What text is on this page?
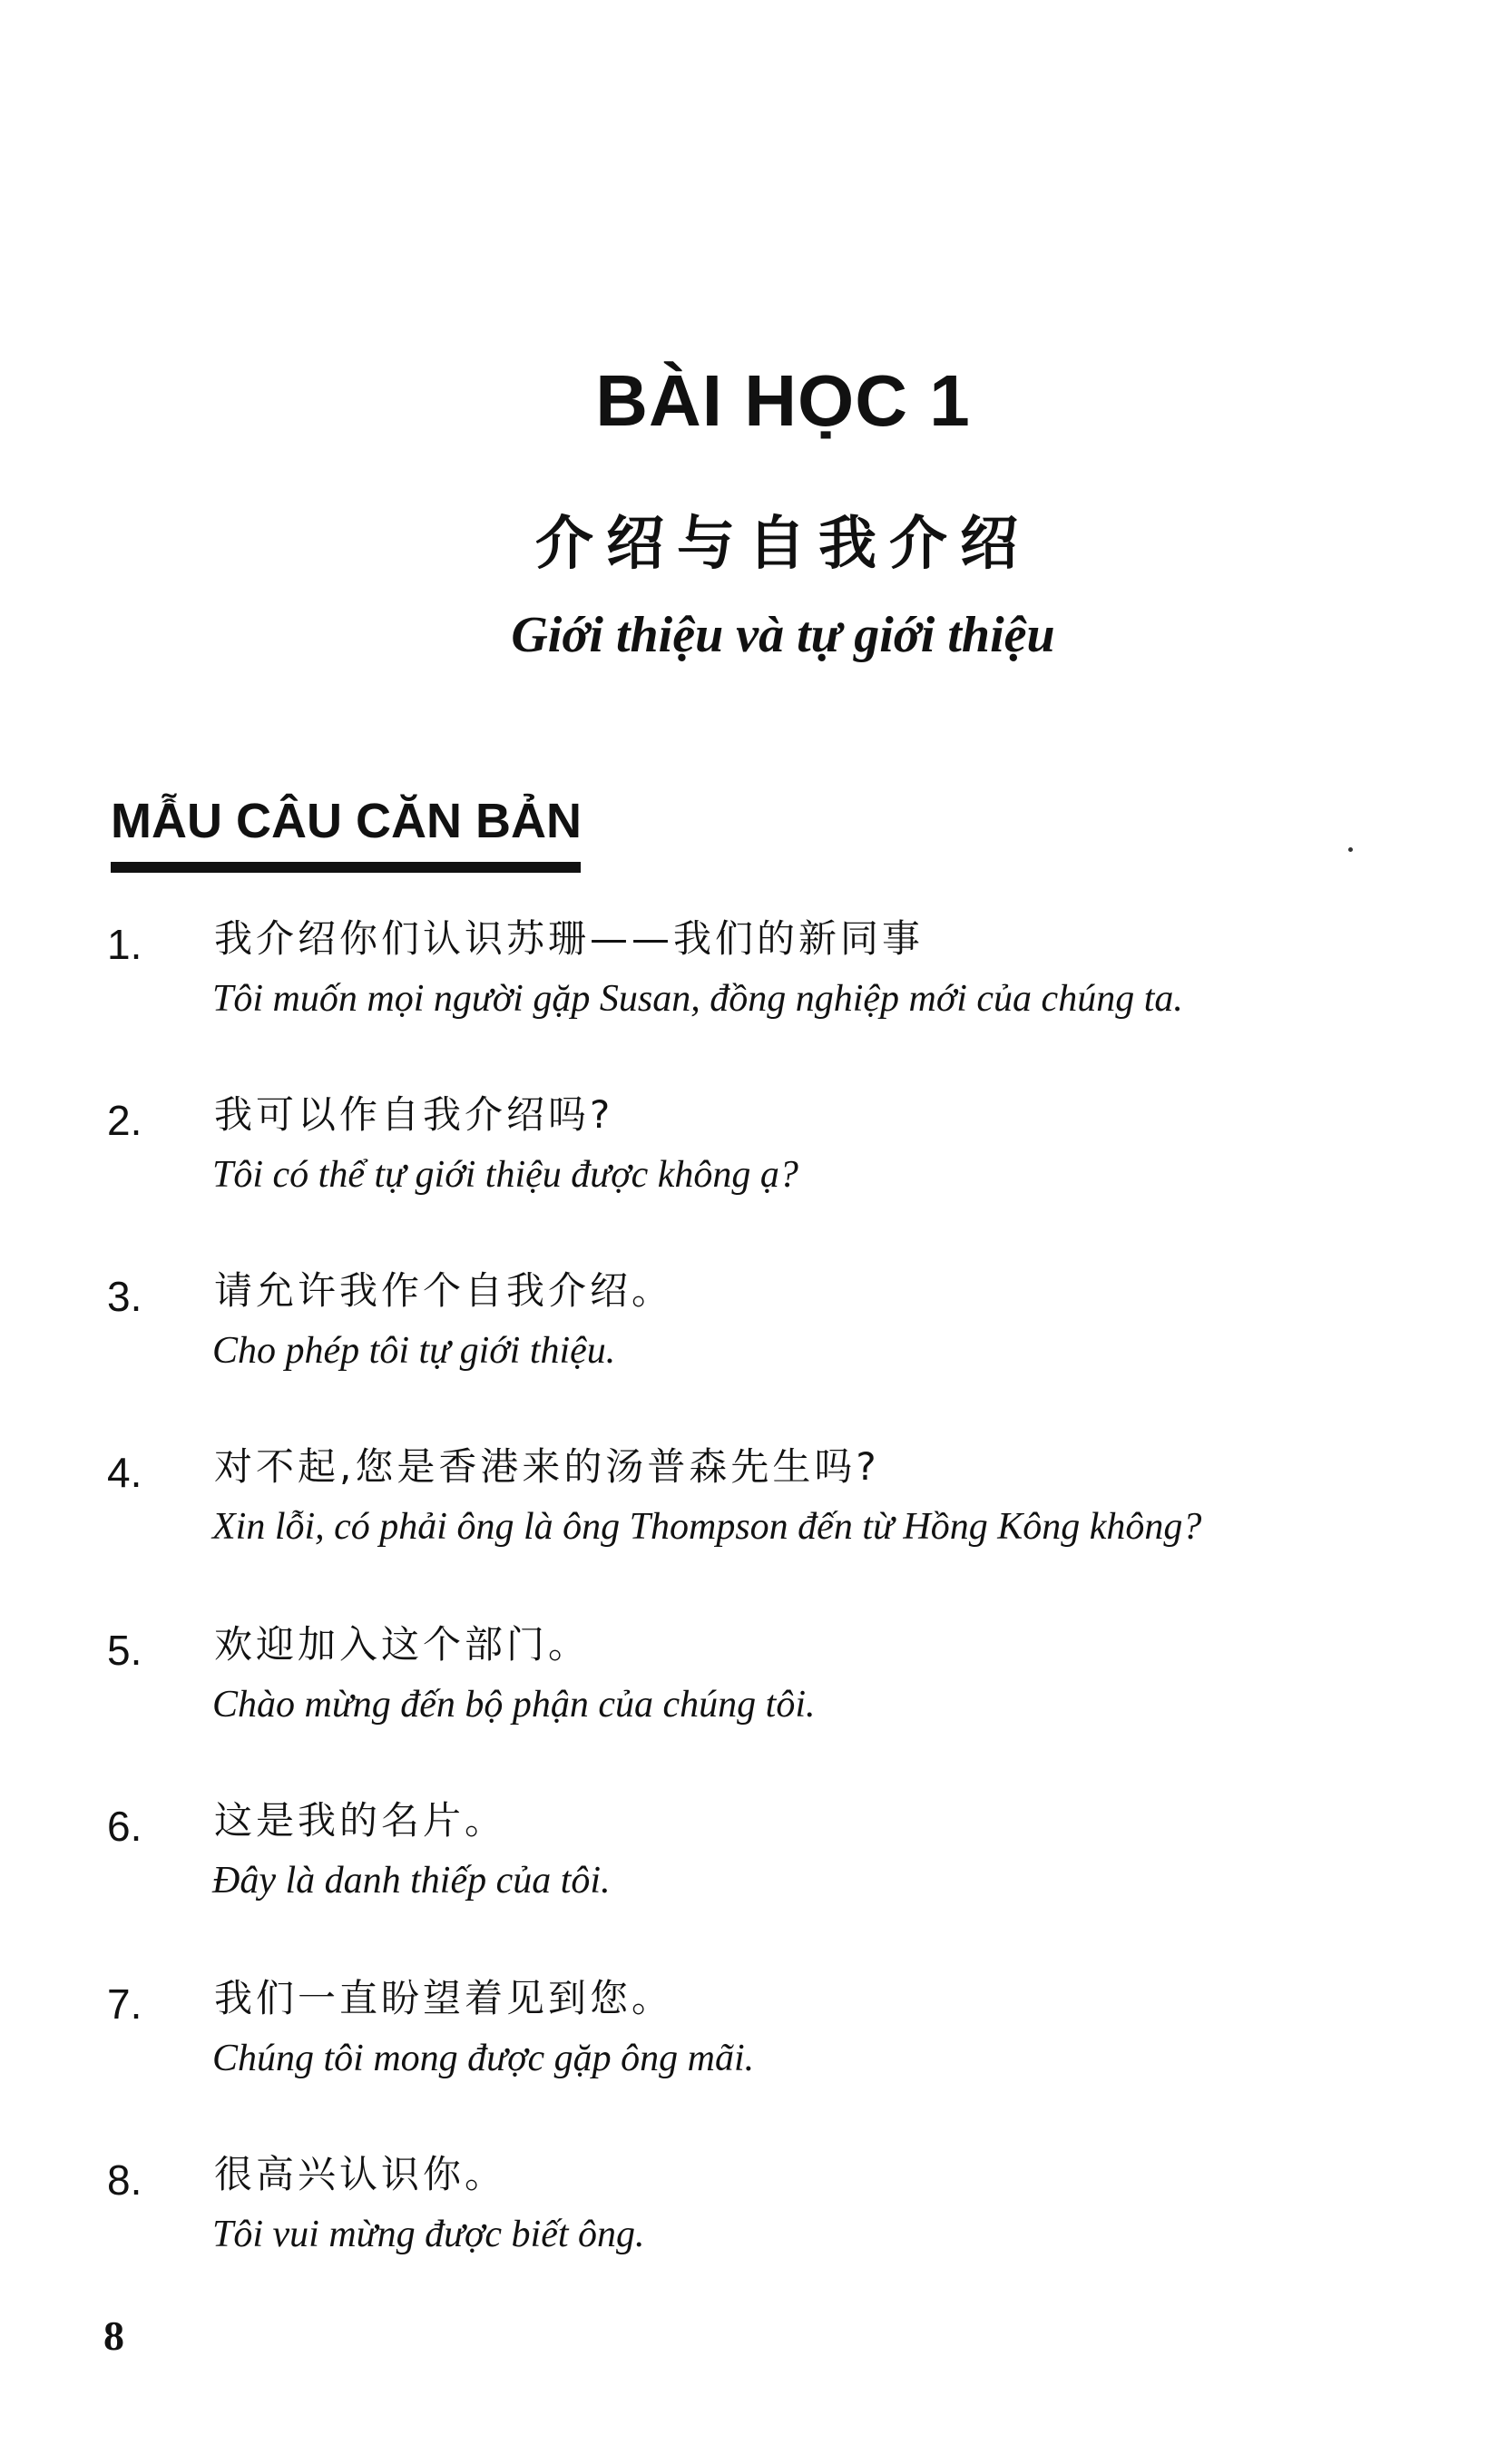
BÀI HỌC 1
介绍与自我介绍
Giới thiệu và tự giới thiệu
MẪU CÂU CĂN BẢN
1. 我介绍你们认识苏珊——我们的新同事
Tôi muốn mọi người gặp Susan, đồng nghiệp mới của chúng ta.
2. 我可以作自我介绍吗?
Tôi có thể tự giới thiệu được không ạ?
3. 请允许我作个自我介绍。
Cho phép tôi tự giới thiệu.
4. 对不起,您是香港来的汤普森先生吗?
Xin lỗi, có phải ông là ông Thompson đến từ Hồng Kông không?
5. 欢迎加入这个部门。
Chào mừng đến bộ phận của chúng tôi.
6. 这是我的名片。
Đây là danh thiếp của tôi.
7. 我们一直盼望着见到您。
Chúng tôi mong được gặp ông mãi.
8. 很高兴认识你。
Tôi vui mừng được biết ông.
8
